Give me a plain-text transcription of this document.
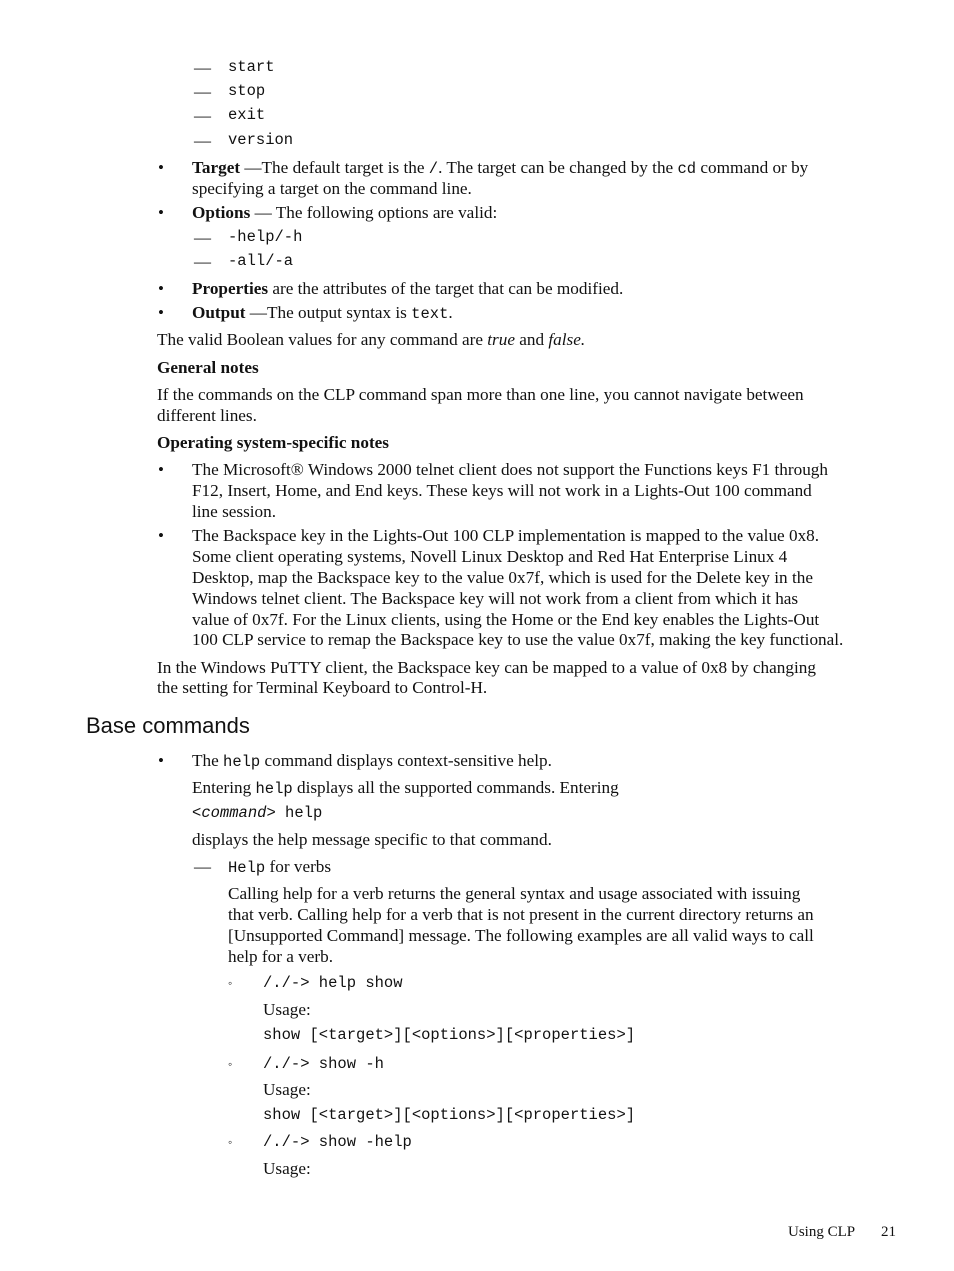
— start
— stop
— exit
— version
• Target —The default target is the /. The target can be changed by the cd command or by
specifying a target on the command line.
• Options — The following options are valid:
— -help/-h
— -all/-a
• Properties are the attributes of the target that can be modified.
• Output —The output syntax is text.
The valid Boolean values for any command are true and false.
General notes
If the commands on the CLP command span more than one line, you cannot navigate between
different lines.
Operating system-specific notes
• The Microsoft® Windows 2000 telnet client does not support the Functions keys F1 through
F12, Insert, Home, and End keys. These keys will not work in a Lights-Out 100 command
line session.
• The Backspace key in the Lights-Out 100 CLP implementation is mapped to the value 0x8.
Some client operating systems, Novell Linux Desktop and Red Hat Enterprise Linux 4
Desktop, map the Backspace key to the value 0x7f, which is used for the Delete key in the
Windows telnet client. The Backspace key will not work from a client from which it has
value of 0x7f. For the Linux clients, using the Home or the End key enables the Lights-Out
100 CLP service to remap the Backspace key to use the value 0x7f, making the key functional.
In the Windows PuTTY client, the Backspace key can be mapped to a value of 0x8 by changing
the setting for Terminal Keyboard to Control-H.
Base commands
• The help command displays context-sensitive help.
Entering help displays all the supported commands. Entering
<command> help
displays the help message specific to that command.
— Help for verbs
Calling help for a verb returns the general syntax and usage associated with issuing
that verb. Calling help for a verb that is not present in the current directory returns an
[Unsupported Command] message. The following examples are all valid ways to call
help for a verb.
◦ /./-> help show
Usage:
show [<target>][<options>][<properties>]
◦ /./-> show -h
Usage:
show [<target>][<options>][<properties>]
◦ /./-> show -help
Usage:
Using CLP 21
